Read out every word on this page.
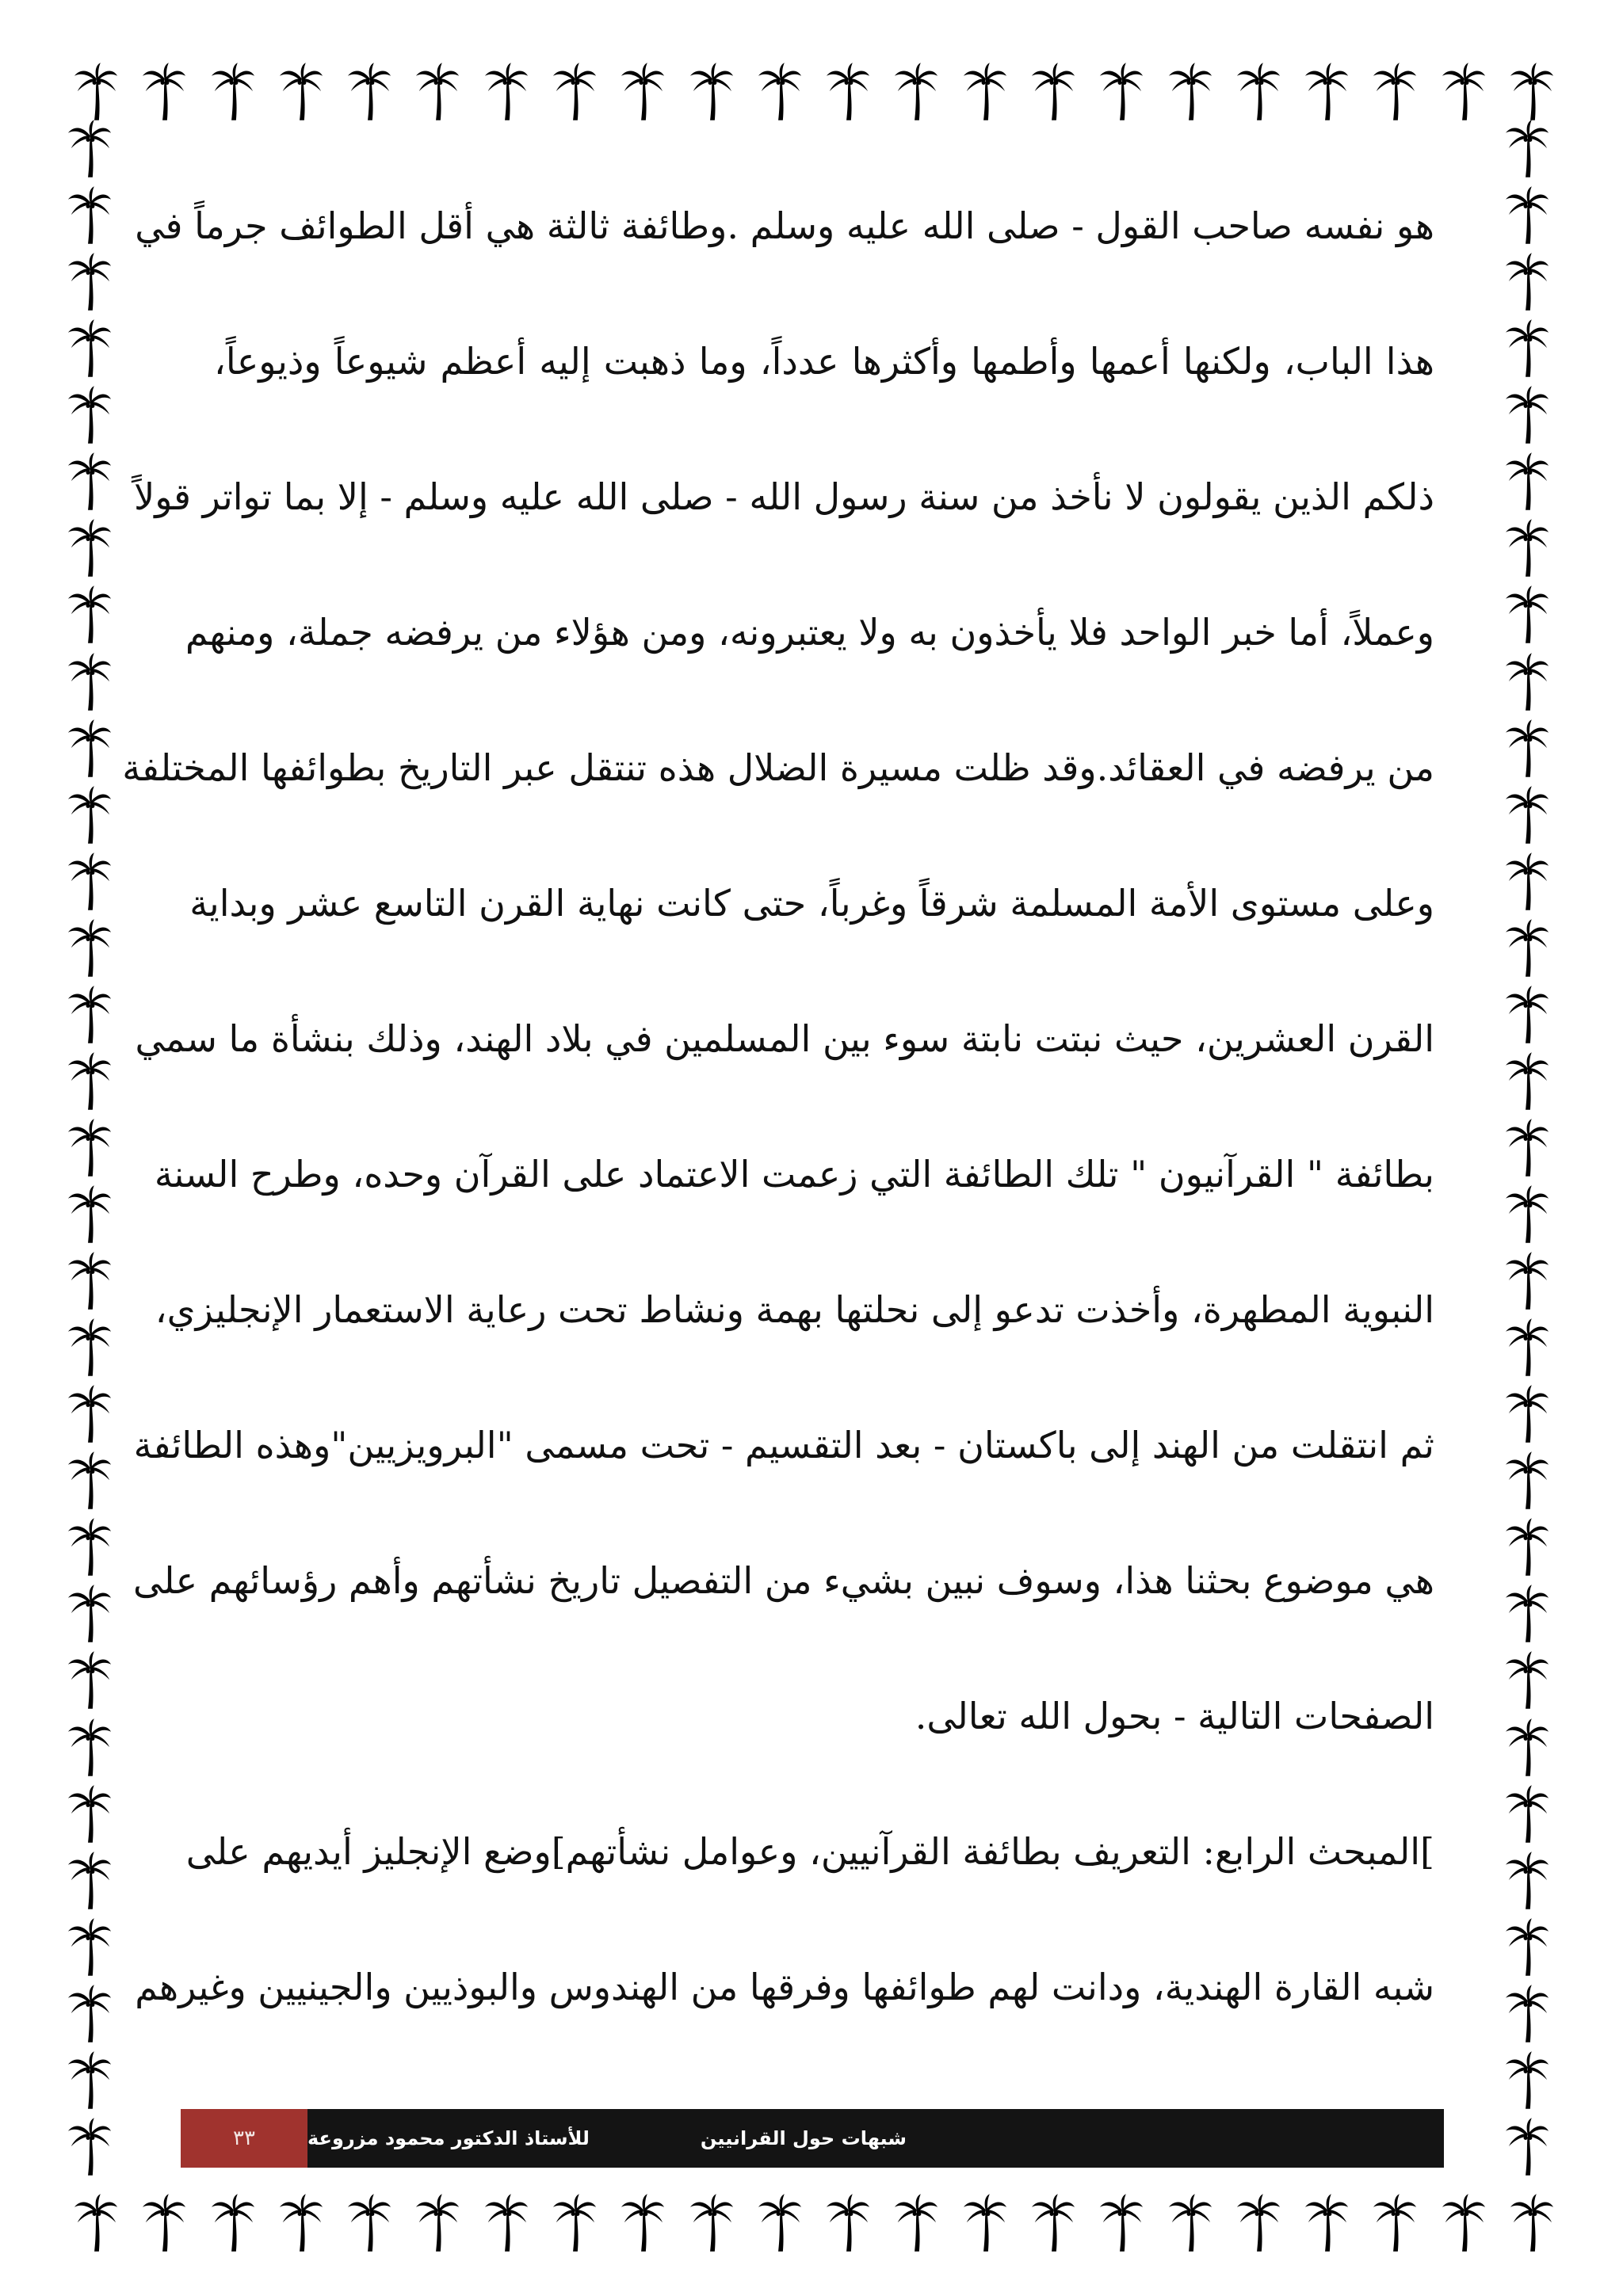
هو نفسه صاحب القول - صلى الله عليه وسلم .وطائفة ثالثة هي أقل الطوائف جرماً في
هذا الباب، ولكنها أعمها وأطمها وأكثرها عدداً، وما ذهبت إليه أعظم شيوعاً وذيوعاً،
ذلكم الذين يقولون لا نأخذ من سنة رسول الله - صلى الله عليه وسلم - إلا بما تواتر قولاً
وعملاً، أما خبر الواحد فلا يأخذون به ولا يعتبرونه، ومن هؤلاء من يرفضه جملة، ومنهم
من يرفضه في العقائد.وقد ظلت مسيرة الضلال هذه تنتقل عبر التاريخ بطوائفها المختلفة
وعلى مستوى الأمة المسلمة شرقاً وغرباً، حتى كانت نهاية القرن التاسع عشر وبداية
القرن العشرين، حيث نبتت نابتة سوء بين المسلمين في بلاد الهند، وذلك بنشأة ما سمي
بطائفة " القرآنيون " تلك الطائفة التي زعمت الاعتماد على القرآن وحده، وطرح السنة
النبوية المطهرة، وأخذت تدعو إلى نحلتها بهمة ونشاط تحت رعاية الاستعمار الإنجليزي،
ثم انتقلت من الهند إلى باكستان - بعد التقسيم - تحت مسمى "البرويزيين"وهذه الطائفة
هي موضوع بحثنا هذا، وسوف نبين بشيء من التفصيل تاريخ نشأتهم وأهم رؤسائهم على
الصفحات التالية - بحول الله تعالى.
]المبحث الرابع: التعريف بطائفة القرآنيين، وعوامل نشأتهم]وضع الإنجليز أيديهم على
شبه القارة الهندية، ودانت لهم طوائفها وفرقها من الهندوس والبوذيين والجينيين وغيرهم
٣٣	شبهات حول القرانيين
للأستاذ الدكتور محمود مزروعة
